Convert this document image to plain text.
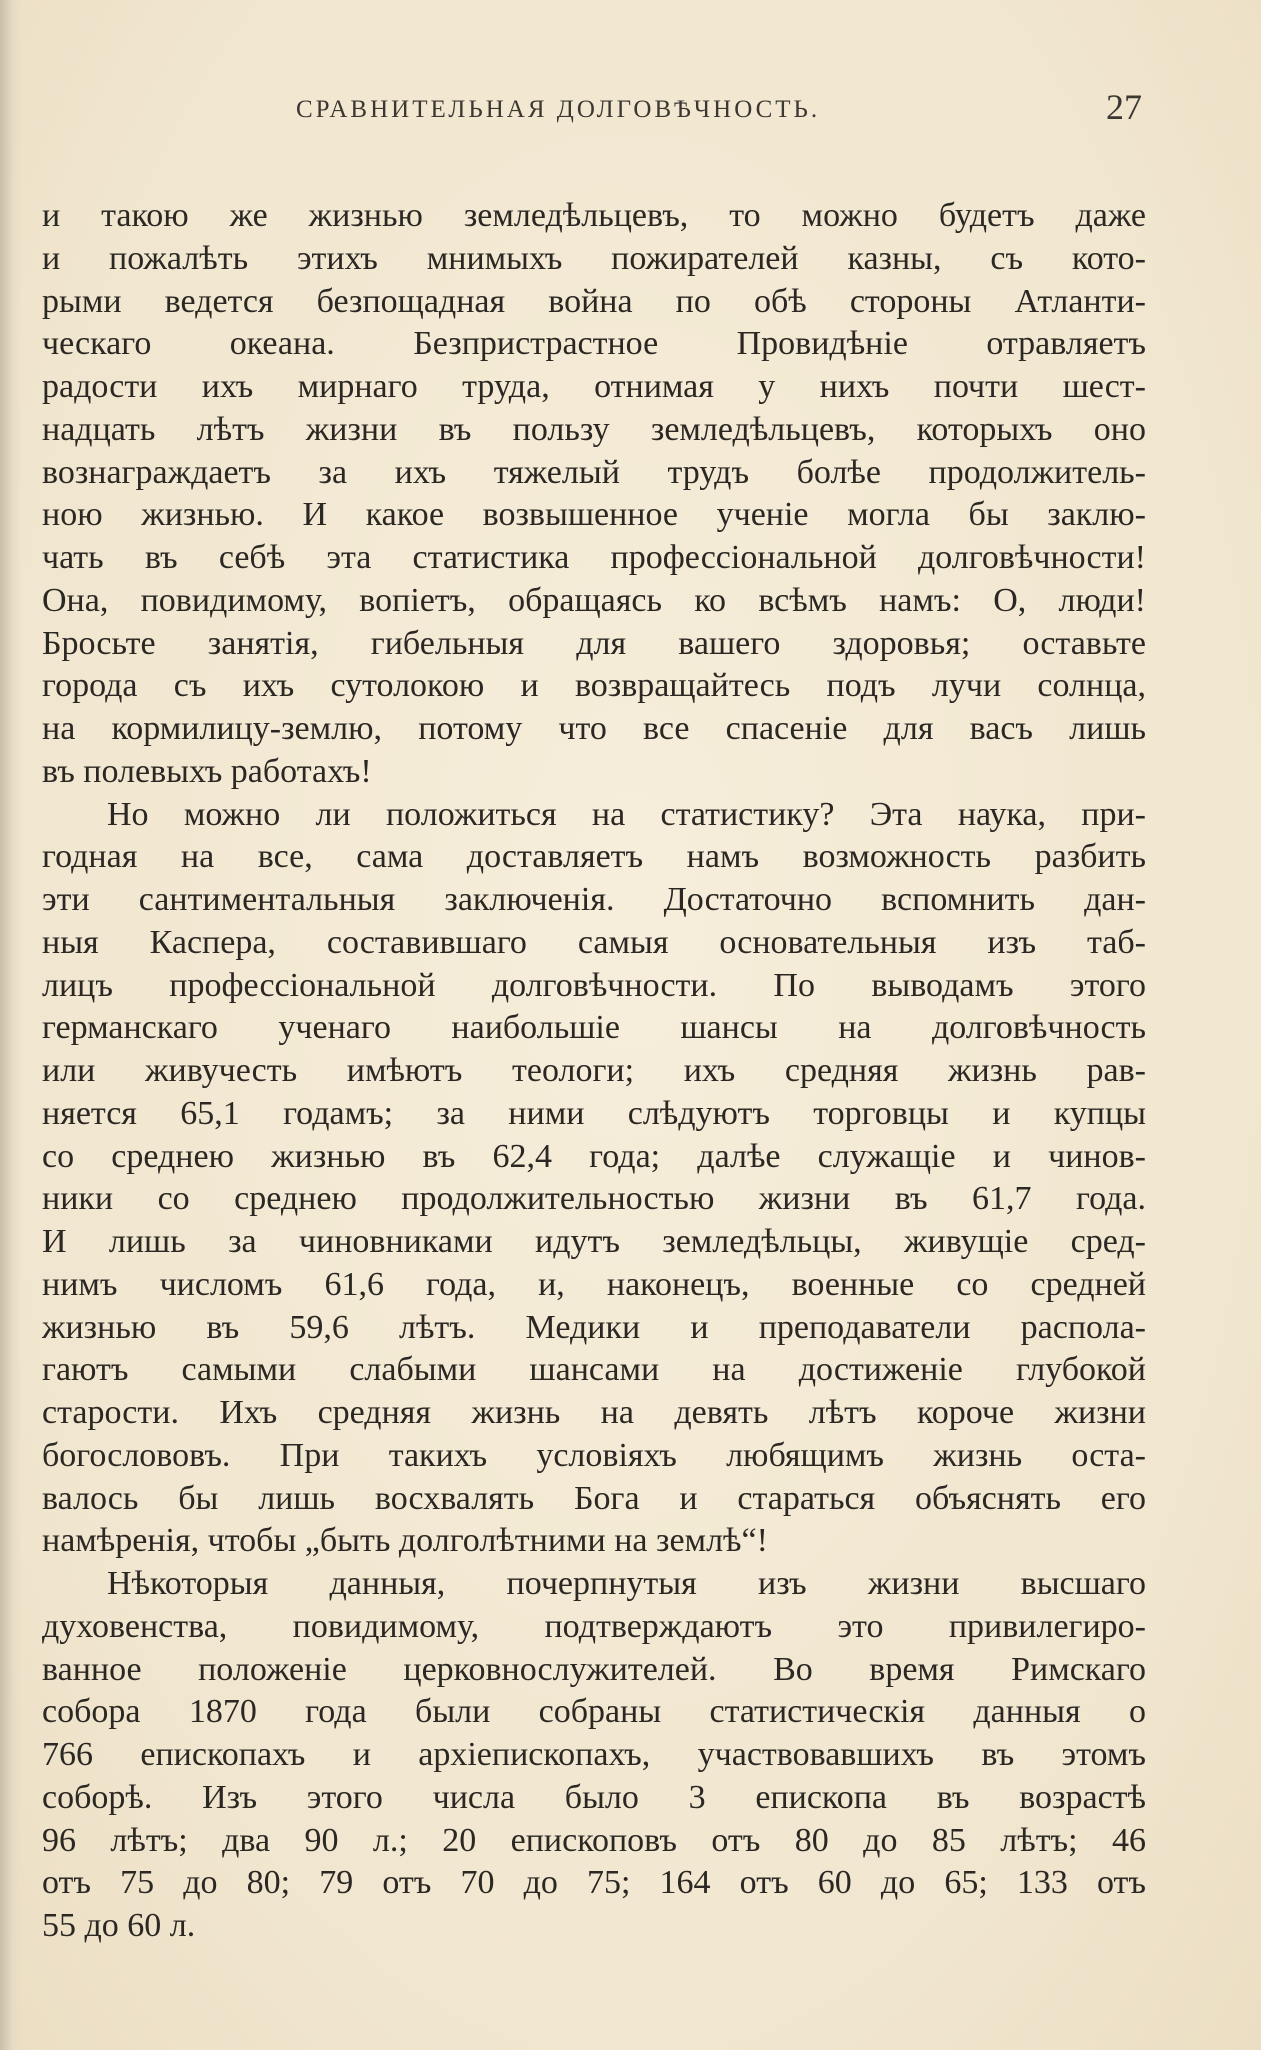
СРАВНИТЕЛЬНАЯ ДОЛГОВѢЧНОСТЬ.	27
и такою же жизнью земледѣльцевъ, то можно будетъ даже
и пожалѣть этихъ мнимыхъ пожирателей казны, съ кото-
рыми ведется безпощадная война по обѣ стороны Атланти-
ческаго океана. Безпристрастное Провидѣніе отравляетъ
радости ихъ мирнаго труда, отнимая у нихъ почти шест-
надцать лѣтъ жизни въ пользу земледѣльцевъ, которыхъ оно
вознаграждаетъ за ихъ тяжелый трудъ болѣе продолжитель-
ною жизнью. И какое возвышенное ученіе могла бы заклю-
чать въ себѣ эта статистика профессіональной долговѣчности!
Она, повидимому, вопіетъ, обращаясь ко всѣмъ намъ: О, люди!
Бросьте занятія, гибельныя для вашего здоровья; оставьте
города съ ихъ сутолокою и возвращайтесь подъ лучи солнца,
на кормилицу-землю, потому что все спасеніе для васъ лишь
въ полевыхъ работахъ!
Но можно ли положиться на статистику? Эта наука, при-
годная на все, сама доставляетъ намъ возможность разбить
эти сантиментальныя заключенія. Достаточно вспомнить дан-
ныя Каспера, составившаго самыя основательныя изъ таб-
лицъ профессіональной долговѣчности. По выводамъ этого
германскаго ученаго наибольшіе шансы на долговѣчность
или живучесть имѣютъ теологи; ихъ средняя жизнь рав-
няется 65,1 годамъ; за ними слѣдуютъ торговцы и купцы
со среднею жизнью въ 62,4 года; далѣе служащіе и чинов-
ники со среднею продолжительностью жизни въ 61,7 года.
И лишь за чиновниками идутъ земледѣльцы, живущіе сред-
нимъ числомъ 61,6 года, и, наконецъ, военные со средней
жизнью въ 59,6 лѣтъ. Медики и преподаватели распола-
гаютъ самыми слабыми шансами на достиженіе глубокой
старости. Ихъ средняя жизнь на девять лѣтъ короче жизни
богослововъ. При такихъ условіяхъ любящимъ жизнь оста-
валось бы лишь восхвалять Бога и стараться объяснять его
намѣренія, чтобы „быть долголѣтними на землѣ“!
Нѣкоторыя данныя, почерпнутыя изъ жизни высшаго
духовенства, повидимому, подтверждаютъ это привилегиро-
ванное положеніе церковнослужителей. Во время Римскаго
собора 1870 года были собраны статистическія данныя о
766 епископахъ и архіепископахъ, участвовавшихъ въ этомъ
соборѣ. Изъ этого числа было 3 епископа въ возрастѣ
96 лѣтъ; два 90 л.; 20 епископовъ отъ 80 до 85 лѣтъ; 46
отъ 75 до 80; 79 отъ 70 до 75; 164 отъ 60 до 65; 133 отъ
55 до 60 л.
